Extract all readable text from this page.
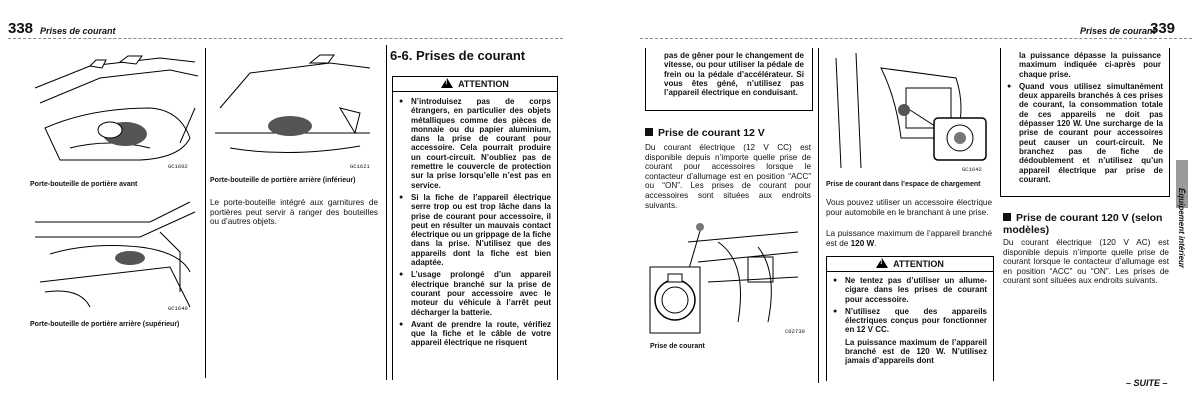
338 Prises de courant
GC1602
Porte-bouteille de portière avant
GC1640
Porte-bouteille de portière arrière (supérieur)
GC1621
Porte-bouteille de portière arrière (inférieur)
Le porte-bouteille intégré aux garnitures de portières peut servir à ranger des bouteilles ou d’autres objets.
6-6. Prises de courant
! ATTENTION
● N’introduisez pas de corps étrangers, en particulier des objets métalliques comme des pièces de monnaie ou du papier aluminium, dans la prise de courant pour accessoire. Cela pourrait produire un court-circuit. N’oubliez pas de remettre le couvercle de protection sur la prise lorsqu’elle n’est pas en service.
● Si la fiche de l’appareil électrique serre trop ou est trop lâche dans la prise de courant pour accessoire, il peut en résulter un mauvais contact électrique ou un grippage de la fiche dans la prise. N’utilisez que des appareils dont la fiche est bien adaptée.
● L’usage prolongé d’un appareil électrique branché sur la prise de courant pour accessoire avec le moteur du véhicule à l’arrêt peut décharger la batterie.
● Avant de prendre la route, vérifiez que la fiche et le câble de votre appareil électrique ne risquent
Prises de courant
339
pas de gêner pour le changement de vitesse, ou pour utiliser la pédale de frein ou la pédale d’accélérateur. Si vous êtes géné, n’utilisez pas l’appareil électrique en conduisant.
Prise de courant 12 V
Du courant électrique (12 V CC) est disponible depuis n’importe quelle prise de courant pour accessoires lorsque le contacteur d’allumage est en position “ACC” ou “ON”. Les prises de courant pour accessoires sont situées aux endroits suivants.
C02730
Prise de courant
GC1642
Prise de courant dans l’espace de chargement
Vous pouvez utiliser un accessoire électrique pour automobile en le branchant à une prise.
La puissance maximum de l’appareil branché est de 120 W.
! ATTENTION
● Ne tentez pas d’utiliser un allume-cigare dans les prises de courant pour accessoire.
● N’utilisez que des appareils électriques conçus pour fonctionner en 12 V CC.
La puissance maximum de l’appareil branché est de 120 W. N’utilisez jamais d’appareils dont
la puissance dépasse la puissance maximum indiquée ci-après pour chaque prise.
● Quand vous utilisez simultanément deux appareils branchés à ces prises de courant, la consommation totale de ces appareils ne doit pas dépasser 120 W. Une surcharge de la prise de courant pour accessoires peut causer un court-circuit. Ne branchez pas de fiche de dédoublement et n’utilisez qu’un appareil électrique par prise de courant.
Prise de courant 120 V (selon modèles)
Du courant électrique (120 V AC) est disponible depuis n’importe quelle prise de courant lorsque le contacteur d’allumage est en position “ACC” ou “ON”. Les prises de courant sont situées aux endroits suivants.
Équipement intérieur
– SUITE –
